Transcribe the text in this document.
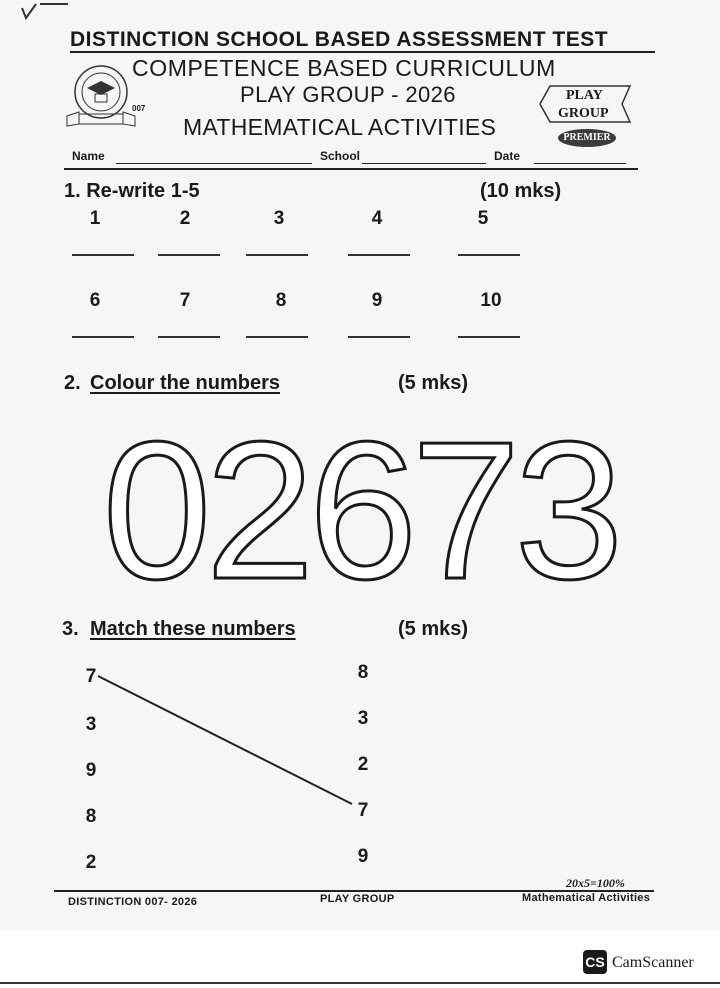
DISTINCTION SCHOOL BASED ASSESSMENT TEST
COMPETENCE BASED CURRICULUM
PLAY GROUP - 2026
MATHEMATICAL ACTIVITIES
007
PLAY
GROUP
PREMIER
Name	School	Date
1. Re-write 1-5	(10 mks)
1	2	3	4	5
6	7	8	9	10
2. Colour the numbers	(5 mks)
02673
3. Match these numbers	(5 mks)
7
3
9
8
2
8
3
2
7
9
20x5=100%
DISTINCTION 007- 2026	PLAY GROUP	Mathematical Activities
CS CamScanner
